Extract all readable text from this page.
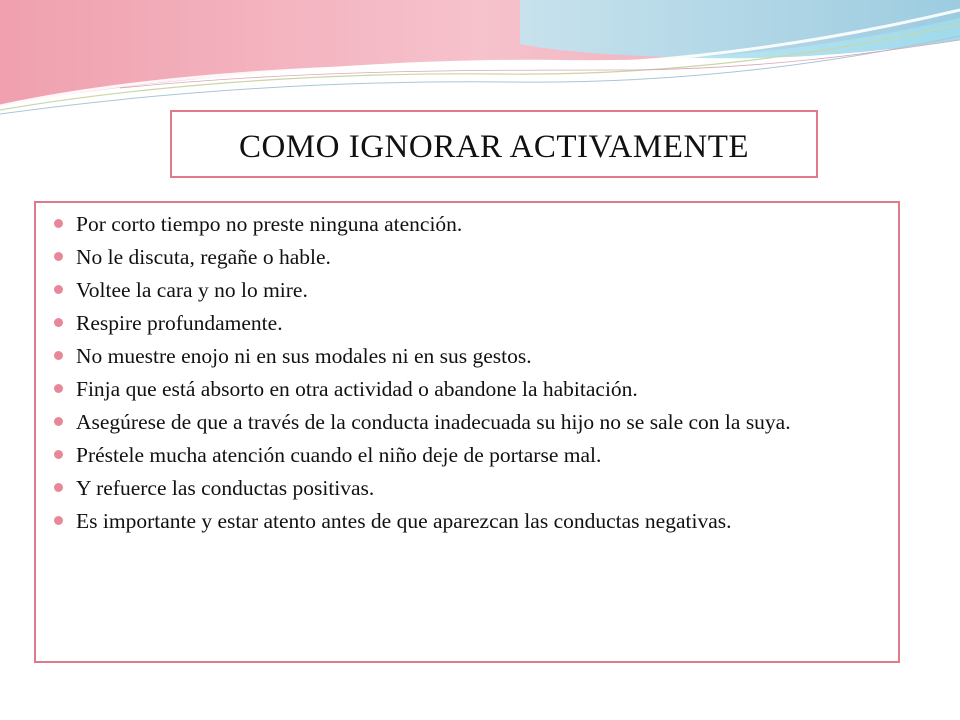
COMO IGNORAR ACTIVAMENTE
Por corto tiempo no preste ninguna atención.
No le discuta, regañe o hable.
Voltee la cara y no lo mire.
Respire profundamente.
No muestre enojo ni en sus modales ni en sus gestos.
Finja que está absorto en otra actividad o abandone la habitación.
Asegúrese de que a través de la conducta inadecuada su hijo no se sale con la suya.
Préstele mucha atención cuando el niño deje de portarse mal.
Y refuerce las conductas positivas.
Es importante y estar atento antes de que aparezcan las conductas negativas.
